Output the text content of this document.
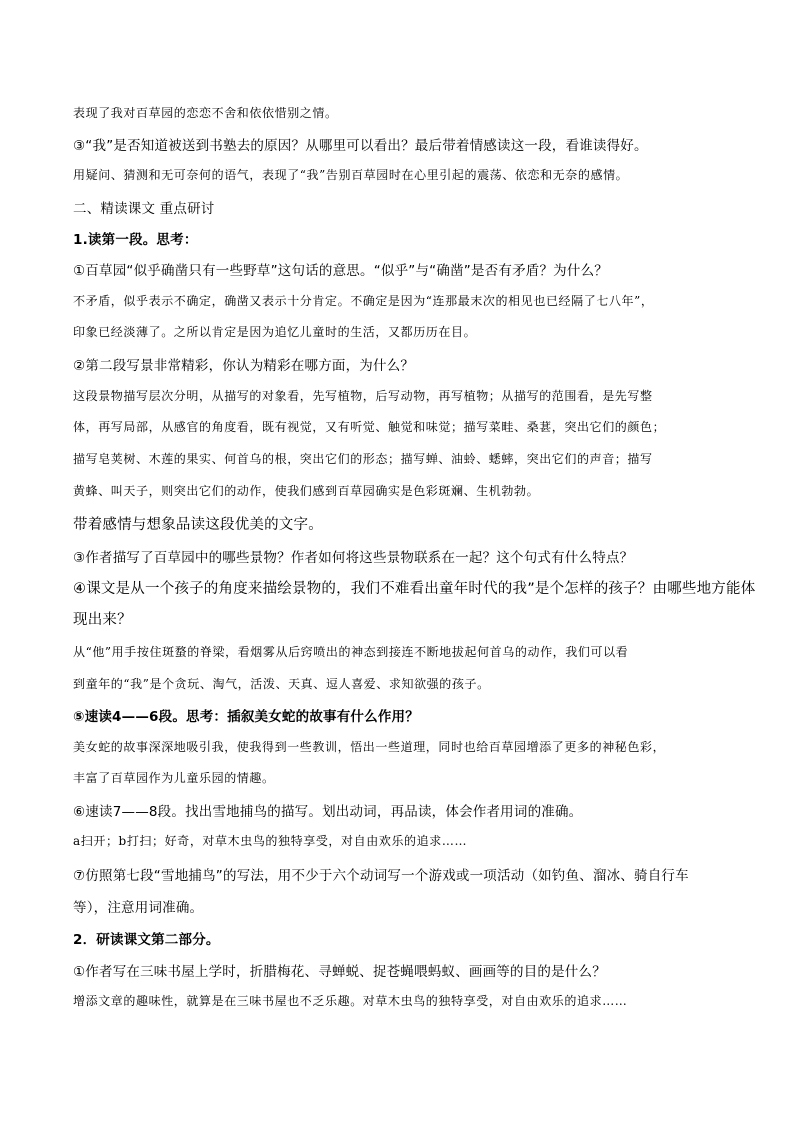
表现了我对百草园的恋恋不舍和依依惜别之情。
③“我”是否知道被送到书塾去的原因？从哪里可以看出？最后带着情感读这一段，看谁读得好。
用疑问、猜测和无可奈何的语气，表现了“我”告别百草园时在心里引起的震荡、依恋和无奈的感情。
二、精读课文 重点研讨
1.读第一段。思考：
①百草园“似乎确凿只有一些野草”这句话的意思。“似乎”与“确凿”是否有矛盾？为什么？
不矛盾，似乎表示不确定，确凿又表示十分肯定。不确定是因为“连那最末次的相见也已经隔了七八年”，
印象已经淡薄了。之所以肯定是因为追忆儿童时的生活，又都历历在目。
②第二段写景非常精彩，你认为精彩在哪方面，为什么？
这段景物描写层次分明，从描写的对象看，先写植物，后写动物，再写植物；从描写的范围看，是先写整
体，再写局部，从感官的角度看，既有视觉，又有听觉、触觉和味觉；描写菜畦、桑葚，突出它们的颜色；
描写皂荚树、木莲的果实、何首乌的根，突出它们的形态；描写蝉、油蛉、蟋蟀，突出它们的声音；描写
黄蜂、叫天子，则突出它们的动作，使我们感到百草园确实是色彩斑斓、生机勃勃。
带着感情与想象品读这段优美的文字。
③作者描写了百草园中的哪些景物？作者如何将这些景物联系在一起？这个句式有什么特点？
④课文是从一个孩子的角度来描绘景物的，我们不难看出童年时代的我”是个怎样的孩子？由哪些地方能体
现出来？
从“他”用手按住斑蝥的脊梁，看烟雾从后窍喷出的神态到接连不断地拔起何首乌的动作，我们可以看
到童年的“我”是个贪玩、淘气，活泼、天真、逗人喜爱、求知欲强的孩子。
⑤速读4——6段。思考：插叙美女蛇的故事有什么作用？
美女蛇的故事深深地吸引我，使我得到一些教训，悟出一些道理，同时也给百草园增添了更多的神秘色彩，
丰富了百草园作为儿童乐园的情趣。
⑥速读7——8段。找出雪地捕鸟的描写。划出动词，再品读，体会作者用词的准确。
a扫开；b打扫；好奇，对草木虫鸟的独特享受，对自由欢乐的追求……
⑦仿照第七段“雪地捕鸟”的写法，用不少于六个动词写一个游戏或一项活动（如钓鱼、溜冰、骑自行车
等），注意用词准确。
2．研读课文第二部分。
①作者写在三味书屋上学时，折腊梅花、寻蝉蜕、捉苍蝇喂蚂蚁、画画等的目的是什么？
增添文章的趣味性，就算是在三味书屋也不乏乐趣。对草木虫鸟的独特享受，对自由欢乐的追求……
